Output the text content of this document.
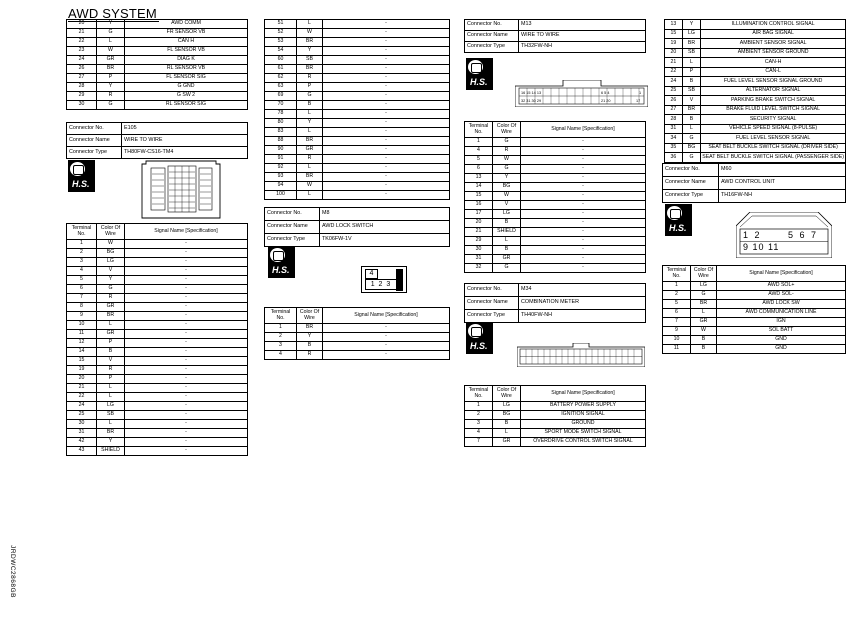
AWD SYSTEM
JRDWC2868GB
20	Y	AWD COMM
21	G	FR SENSOR VB
22	L	CAN H
23	W	FL SENSOR VB
24	GR	DIAG K
26	BR	RL SENSOR VB
27	P	FL SENSOR SIG
28	Y	G GND
29	R	G SW 2
30	G	RL SENSOR SIG
Connector No.	E105
Connector Name	WIRE TO WIRE
Connector Type	TH80FW-CS16-TM4
H.S.
Terminal No.	Color Of Wire	Signal Name [Specification]
1	W	-
2	BG	-
3	LG	-
4	V	-
5	Y	-
6	G	-
7	R	-
8	GR	-
9	BR	-
10	L	-
11	GR	-
12	P	-
14	B	-
15	V	-
19	R	-
20	P	-
21	L	-
22	L	-
24	LG	-
25	SB	-
30	L	-
31	BR	-
42	Y	-
43	SHIELD	-
51	L	-
52	W	-
53	BR	-
54	Y	-
60	SB	-
61	BR	-
62	R	-
63	P	-
69	G	-
70	B	-
78	L	-
80	Y	-
83	L	-
88	BR	-
90	GR	-
91	R	-
92	L	-
93	BR	-
94	W	-
100	L	-
Connector No.	M8
Connector Name	AWD LOCK SWITCH
Connector Type	TK06FW-1V
H.S.	4
1 2 3
Terminal No.	Color Of Wire	Signal Name [Specification]
1	BR	-
2	Y	-
3	B	-
4	R	-
Connector No.	M13
Connector Name	WIRE TO WIRE
Connector Type	TH32FW-NH
H.S.
16 15 14 13	6 5 4	1
32 31 30 29	21 20	17
Terminal No.	Color Of Wire	Signal Name [Specification]
1	G	-
4	R	-
5	W	-
6	G	-
13	Y	-
14	BG	-
15	W	-
16	V	-
17	LG	-
20	B	-
21	SHIELD	-
29	L	-
30	B	-
31	GR	-
32	G	-
Connector No.	M34
Connector Name	COMBINATION METER
Connector Type	TH40FW-NH
H.S.
Terminal No.	Color Of Wire	Signal Name [Specification]
1	LG	BATTERY POWER SUPPLY
2	BG	IGNITION SIGNAL
3	B	GROUND
4	L	SPORT MODE SWITCH SIGNAL
7	GR	OVERDRIVE CONTROL SWITCH SIGNAL
13	Y	ILLUMINATION CONTROL SIGNAL
15	LG	AIR BAG SIGNAL
19	BR	AMBIENT SENSOR SIGNAL
20	SB	AMBIENT SENSOR GROUND
21	L	CAN-H
22	P	CAN-L
24	B	FUEL LEVEL SENSOR SIGNAL GROUND
25	SB	ALTERNATOR SIGNAL
26	V	PARKING BRAKE SWITCH SIGNAL
27	BR	BRAKE FLUID LEVEL SWITCH SIGNAL
28	B	SECURITY SIGNAL
31	L	VEHICLE SPEED SIGNAL (8-PULSE)
34	G	FUEL LEVEL SENSOR SIGNAL
35	BG	SEAT BELT BUCKLE SWITCH SIGNAL (DRIVER SIDE)
36	G	SEAT BELT BUCKLE SWITCH SIGNAL (PASSENGER SIDE)
Connector No.	M60
Connector Name	AWD CONTROL UNIT
Connector Type	TH16FW-NH
H.S.
1 2	5 6 7
9 10 11
Terminal No.	Color Of Wire	Signal Name [Specification]
1	LG	AWD SOL+
2	G	AWD SOL-
5	BR	AWD LOCK SW
6	L	AWD COMMUNICATION LINE
7	GR	IGN
9	W	SOL BATT
10	B	GND
11	B	GND
